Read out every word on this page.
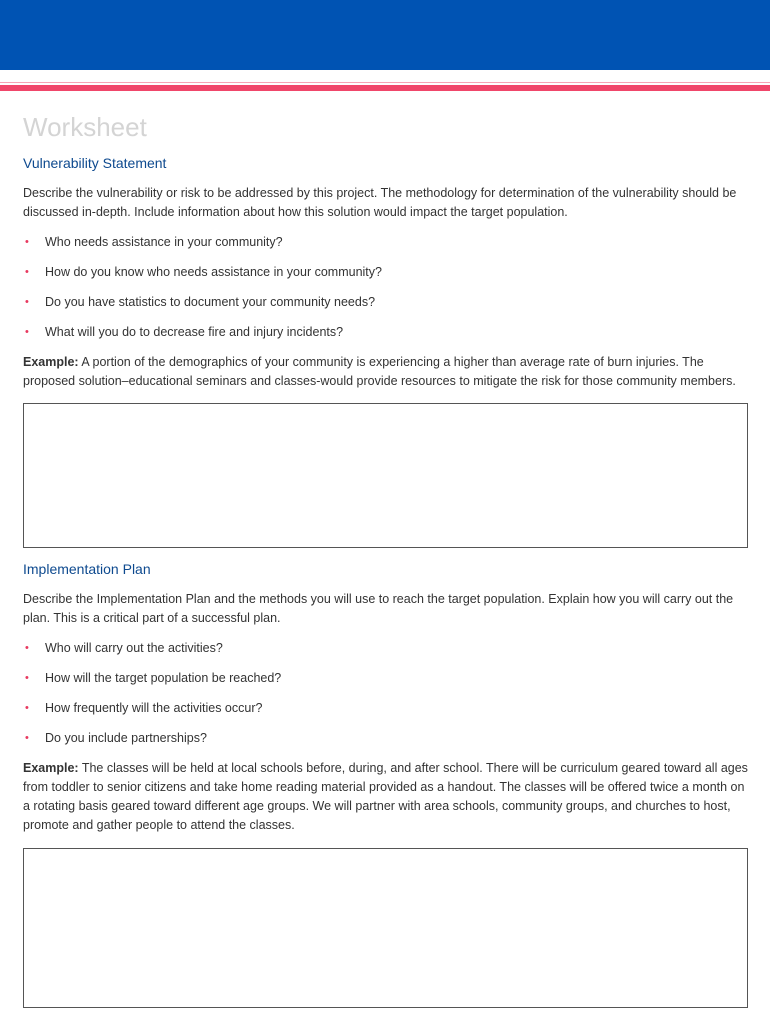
Worksheet
Vulnerability Statement

Describe the vulnerability or risk to be addressed by this project. The methodology for determination of the vulnerability should be discussed in-depth. Include information about how this solution would impact the target population.

• Who needs assistance in your community?
• How do you know who needs assistance in your community?
• Do you have statistics to document your community needs?
• What will you do to decrease fire and injury incidents?

Example: A portion of the demographics of your community is experiencing a higher than average rate of burn injuries. The proposed solution–educational seminars and classes-would provide resources to mitigate the risk for those community members.

Implementation Plan

Describe the Implementation Plan and the methods you will use to reach the target population. Explain how you will carry out the plan. This is a critical part of a successful plan.

• Who will carry out the activities?
• How will the target population be reached?
• How frequently will the activities occur?
• Do you include partnerships?

Example: The classes will be held at local schools before, during, and after school. There will be curriculum geared toward all ages from toddler to senior citizens and take home reading material provided as a handout. The classes will be offered twice a month on a rotating basis geared toward different age groups. We will partner with area schools, community groups, and churches to host, promote and gather people to attend the classes.
